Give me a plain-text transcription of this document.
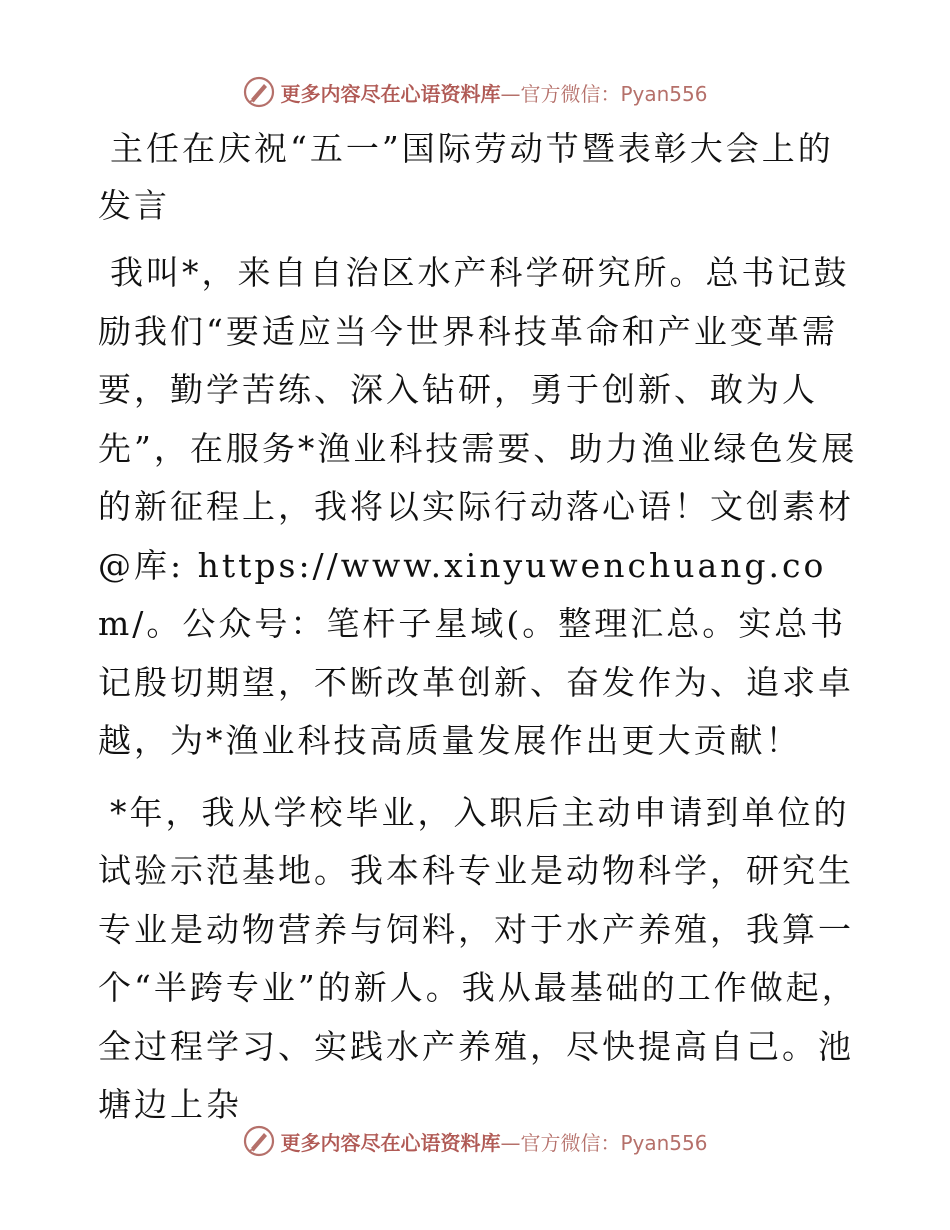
更多内容尽在心语资料库—官方微信：Pyan556
主任在庆祝“五一”国际劳动节暨表彰大会上的发言

我叫*，来自自治区水产科学研究所。总书记鼓励我们“要适应当今世界科技革命和产业变革需要，勤学苦练、深入钻研，勇于创新、敢为人先”，在服务*渔业科技需要、助力渔业绿色发展的新征程上，我将以实际行动落心语！文创素材@库: https://www.xinyuwenchuang.com/。公众号：笔杆子星域(。整理汇总。实总书记殷切期望，不断改革创新、奋发作为、追求卓越，为*渔业科技高质量发展作出更大贡献！

*年，我从学校毕业，入职后主动申请到单位的试验示范基地。我本科专业是动物科学，研究生专业是动物营养与饲料，对于水产养殖，我算一个“半跨专业”的新人。我从最基础的工作做起，全过程学习、实践水产养殖，尽快提高自己。池塘边上杂

更多内容尽在心语资料库—官方微信：Pyan556
